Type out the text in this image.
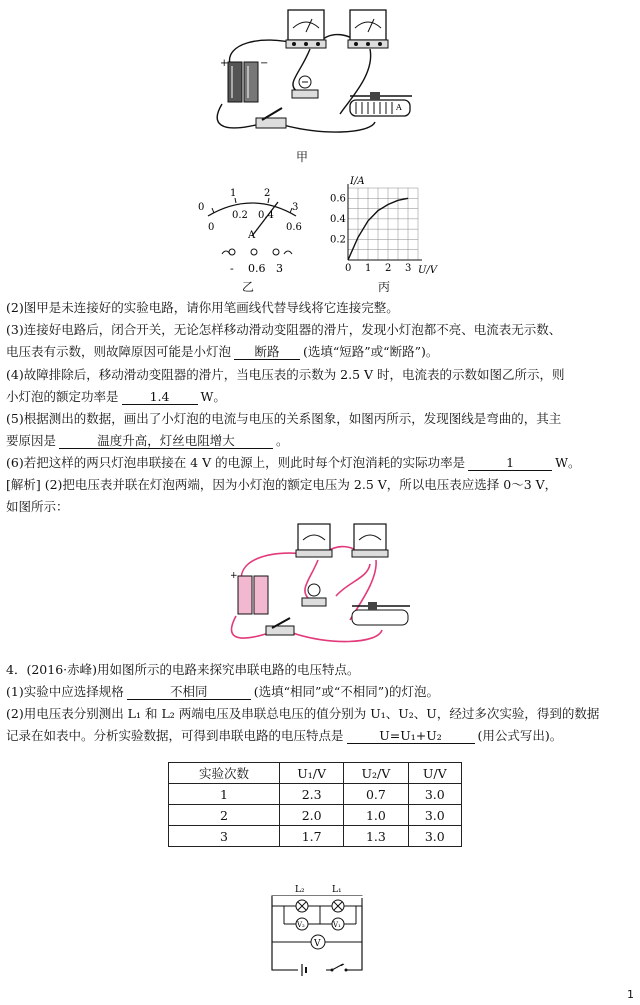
+	−
A
甲
0
1	2
3
0
0.2 0.4
0.6
A
- 0.6 3
乙
0 1 2 3
0.2
0.4
0.6
I/A
U/V
丙
(2)图甲是未连接好的实验电路，请你用笔画线代替导线将它连接完整。
(3)连接好电路后，闭合开关，无论怎样移动滑动变阻器的滑片，发现小灯泡都不亮、电流表无示数、
电压表有示数，则故障原因可能是小灯泡 断路 (选填“短路”或“断路”)。
(4)故障排除后，移动滑动变阻器的滑片，当电压表的示数为 2.5 V 时，电流表的示数如图乙所示，则
小灯泡的额定功率是 1.4 W。
(5)根据测出的数据，画出了小灯泡的电流与电压的关系图象，如图丙所示，发现图线是弯曲的，其主
要原因是	温度升高，灯丝电阻增大	。
(6)若把这样的两只灯泡串联接在 4 V 的电源上，则此时每个灯泡消耗的实际功率是	1	W。
[解析] (2)把电压表并联在灯泡两端，因为小灯泡的额定电压为 2.5 V，所以电压表应选择 0～3 V，
如图所示：
+
4．(2016·赤峰)用如图所示的电路来探究串联电路的电压特点。
(1)实验中应选择规格	不相同	(选填“相同”或“不相同”)的灯泡。
(2)用电压表分别测出 L₁ 和 L₂ 两端电压及串联总电压的值分别为 U₁、U₂、U，经过多次实验，得到的数据
记录在如表中。分析实验数据，可得到串联电路的电压特点是	U=U₁+U₂	(用公式写出)。
实验次数	U₁/V	U₂/V	U/V
1	2.3	0.7	3.0
2	2.0	1.0	3.0
3	1.7	1.3	3.0
L₂	L₁
V₂	V₁
V
1
